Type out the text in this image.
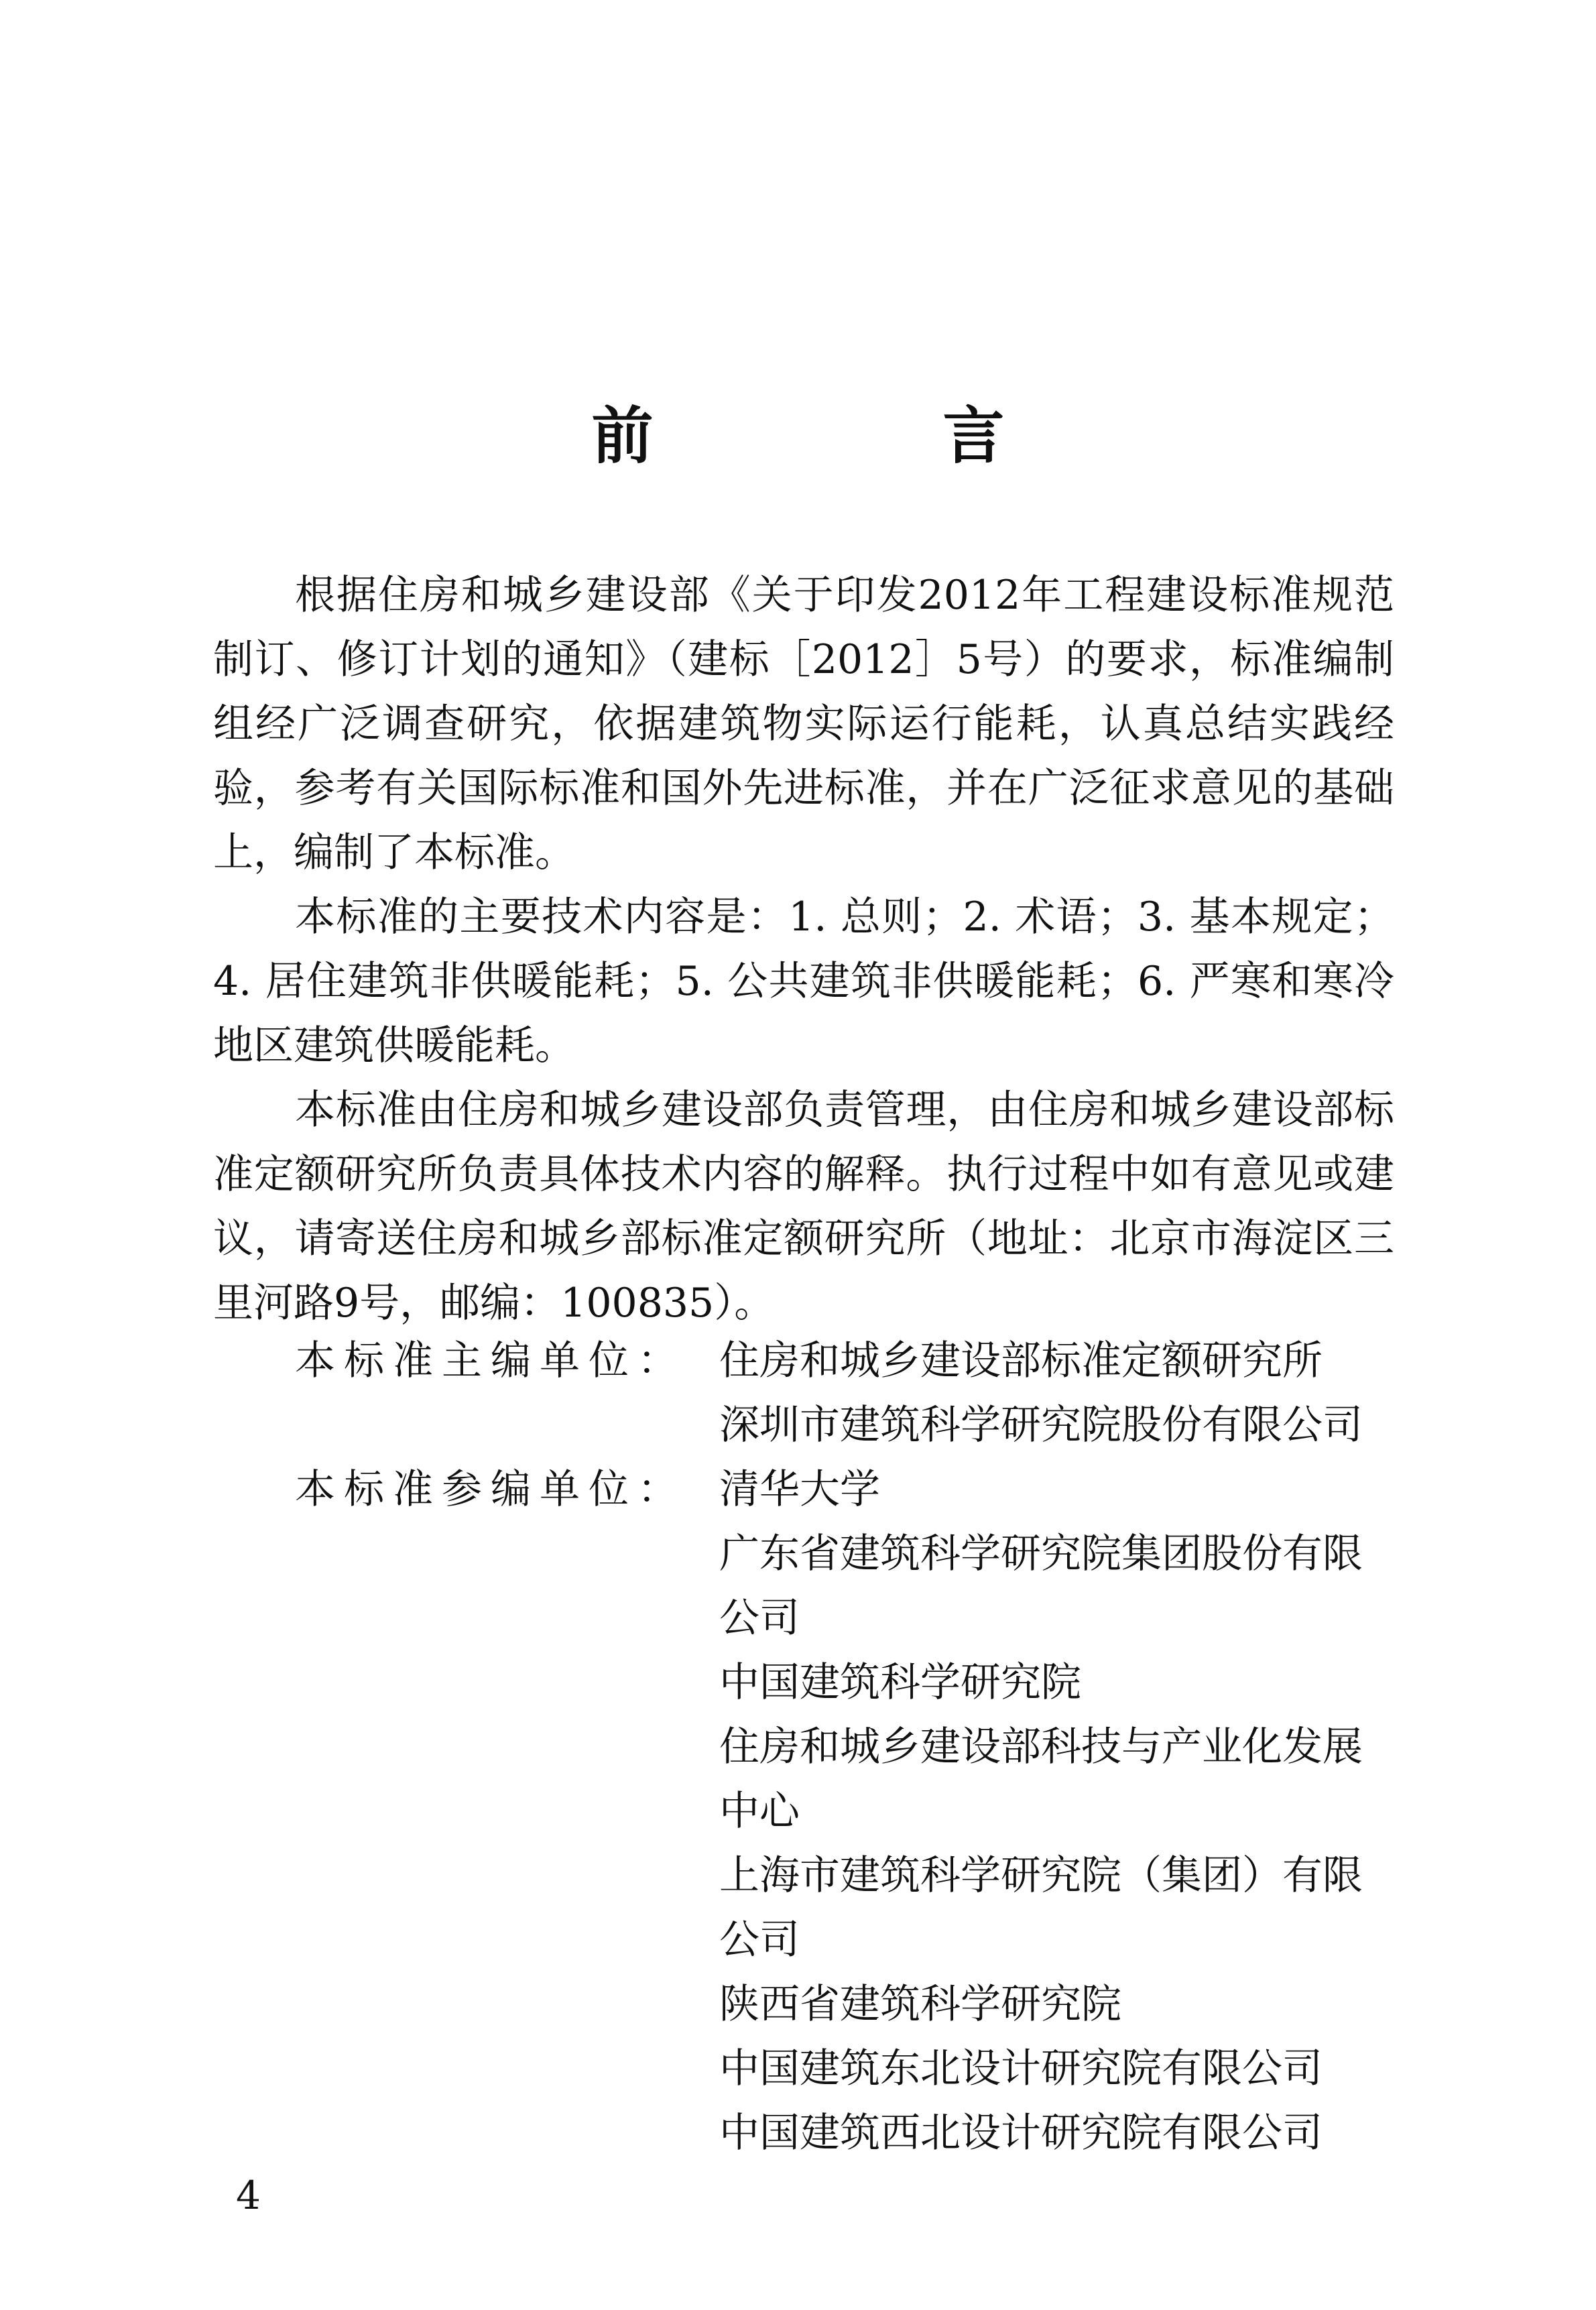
前　言

根据住房和城乡建设部《关于印发2012年工程建设标准规范制订、修订计划的通知》（建标［2012］5号）的要求，标准编制组经广泛调查研究，依据建筑物实际运行能耗，认真总结实践经验，参考有关国际标准和国外先进标准，并在广泛征求意见的基础上，编制了本标准。

本标准的主要技术内容是：1. 总则；2. 术语；3. 基本规定；4. 居住建筑非供暖能耗；5. 公共建筑非供暖能耗；6. 严寒和寒冷地区建筑供暖能耗。

本标准由住房和城乡建设部负责管理，由住房和城乡建设部标准定额研究所负责具体技术内容的解释。执行过程中如有意见或建议，请寄送住房和城乡部标准定额研究所（地址：北京市海淀区三里河路9号，邮编：100835）。

本标准主编单位： 住房和城乡建设部标准定额研究所
深圳市建筑科学研究院股份有限公司
本标准参编单位： 清华大学
广东省建筑科学研究院集团股份有限公司
中国建筑科学研究院
住房和城乡建设部科技与产业化发展中心
上海市建筑科学研究院（集团）有限公司
陕西省建筑科学研究院
中国建筑东北设计研究院有限公司
中国建筑西北设计研究院有限公司
4
